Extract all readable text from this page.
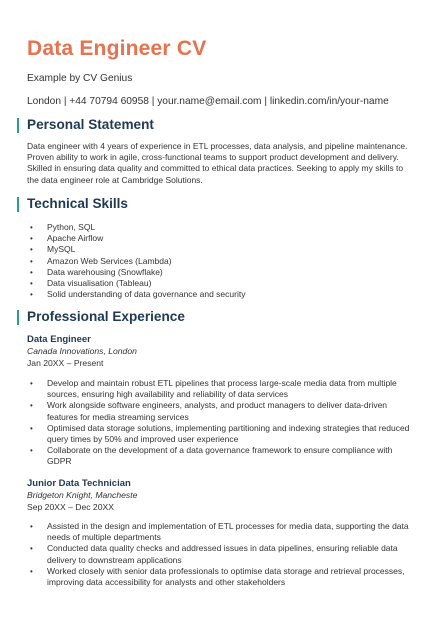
Data Engineer CV
Example by CV Genius
London | +44 70794 60958 | your.name@email.com | linkedin.com/in/your-name
Personal Statement

Data engineer with 4 years of experience in ETL processes, data analysis, and pipeline maintenance. Proven ability to work in agile, cross-functional teams to support product development and delivery. Skilled in ensuring data quality and committed to ethical data practices. Seeking to apply my skills to the data engineer role at Cambridge Solutions.

Technical Skills
• Python, SQL
• Apache Airflow
• MySQL
• Amazon Web Services (Lambda)
• Data warehousing (Snowflake)
• Data visualisation (Tableau)
• Solid understanding of data governance and security
Professional Experience
Data Engineer
Canada Innovations, London
Jan 20XX – Present
• Develop and maintain robust ETL pipelines that process large-scale media data from multiple sources, ensuring high availability and reliability of data services
• Work alongside software engineers, analysts, and product managers to deliver data-driven features for media streaming services
• Optimised data storage solutions, implementing partitioning and indexing strategies that reduced query times by 50% and improved user experience
• Collaborate on the development of a data governance framework to ensure compliance with GDPR
Junior Data Technician
Bridgeton Knight, Mancheste
Sep 20XX – Dec 20XX
• Assisted in the design and implementation of ETL processes for media data, supporting the data needs of multiple departments
• Conducted data quality checks and addressed issues in data pipelines, ensuring reliable data delivery to downstream applications
• Worked closely with senior data professionals to optimise data storage and retrieval processes, improving data accessibility for analysts and other stakeholders
